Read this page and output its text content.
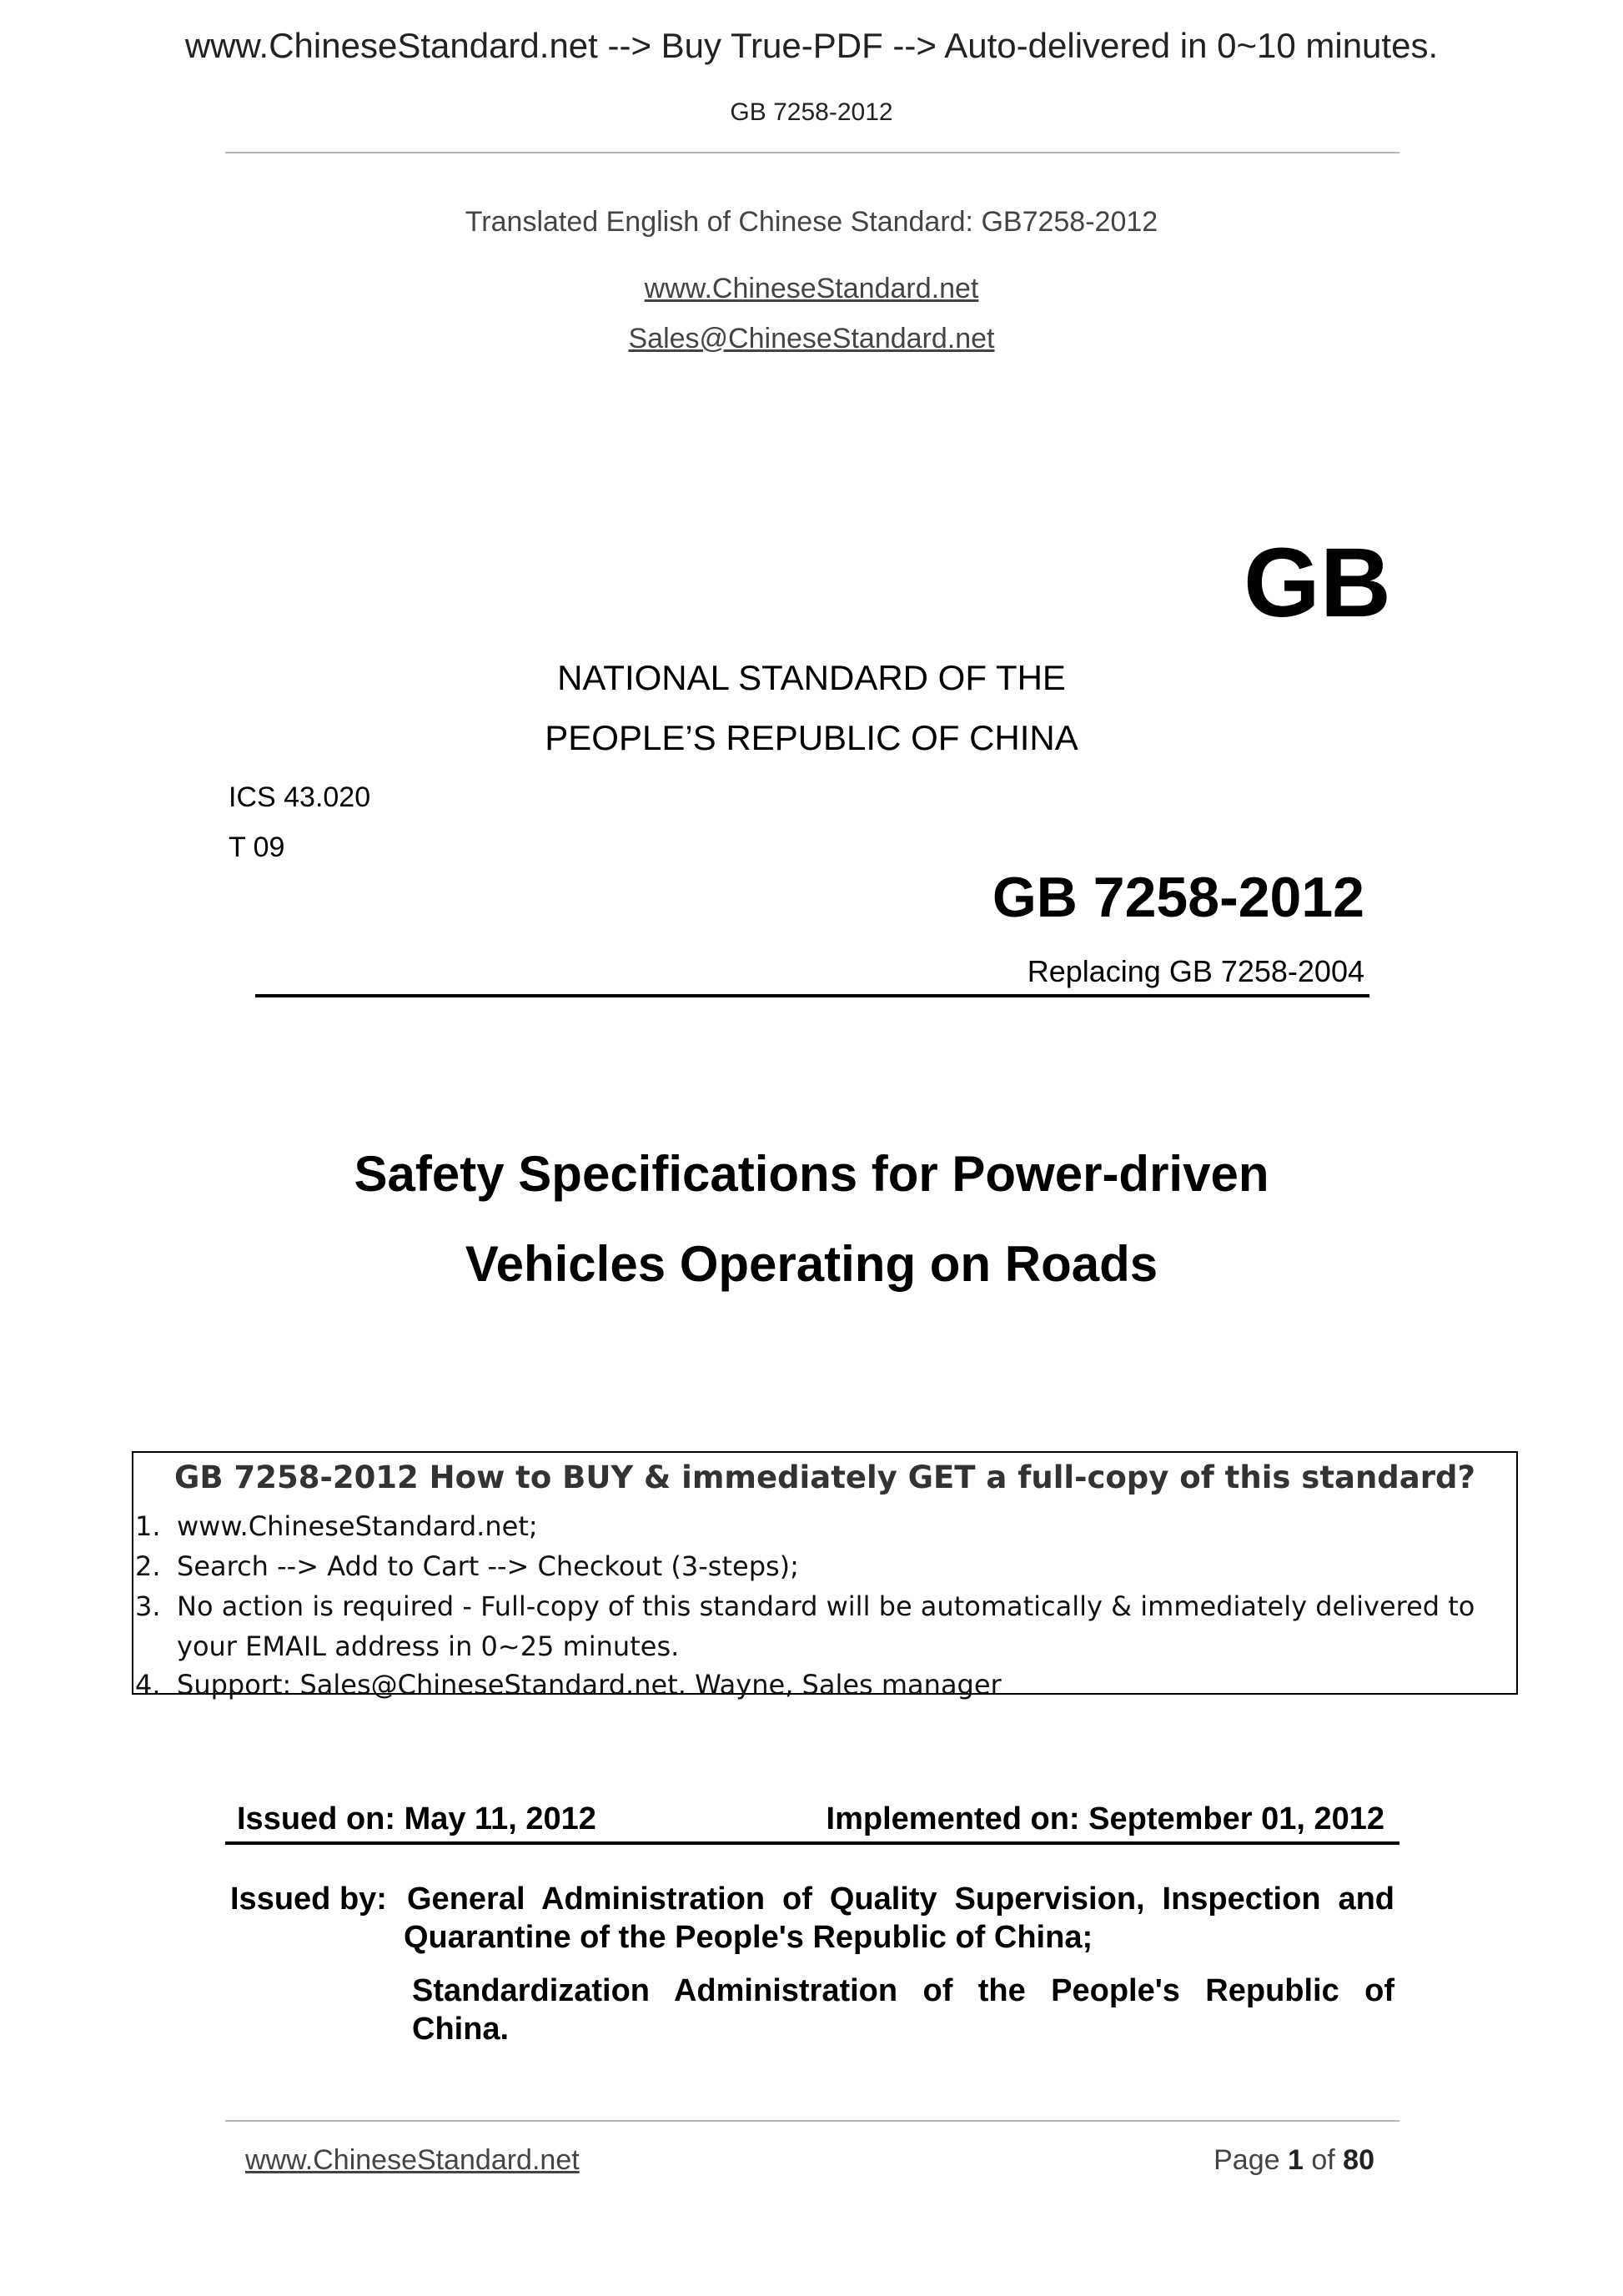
www.ChineseStandard.net --> Buy True-PDF --> Auto-delivered in 0~10 minutes.
GB 7258-2012
Translated English of Chinese Standard: GB7258-2012
www.ChineseStandard.net
Sales@ChineseStandard.net
GB
NATIONAL STANDARD OF THE
PEOPLE’S REPUBLIC OF CHINA
ICS 43.020
T 09
GB 7258-2012
Replacing GB 7258-2004
Safety Specifications for Power-driven
Vehicles Operating on Roads
GB 7258-2012 How to BUY & immediately GET a full-copy of this standard?
1. www.ChineseStandard.net;
2. Search --> Add to Cart --> Checkout (3-steps);
3. No action is required - Full-copy of this standard will be automatically & immediately delivered to
your EMAIL address in 0~25 minutes.
4. Support: Sales@ChineseStandard.net. Wayne, Sales manager
Issued on: May 11, 2012	Implemented on: September 01, 2012
Issued by: General Administration of Quality Supervision, Inspection and
Quarantine of the People's Republic of China;
Standardization Administration of the People's Republic of
China.
www.ChineseStandard.net	Page 1 of 80
